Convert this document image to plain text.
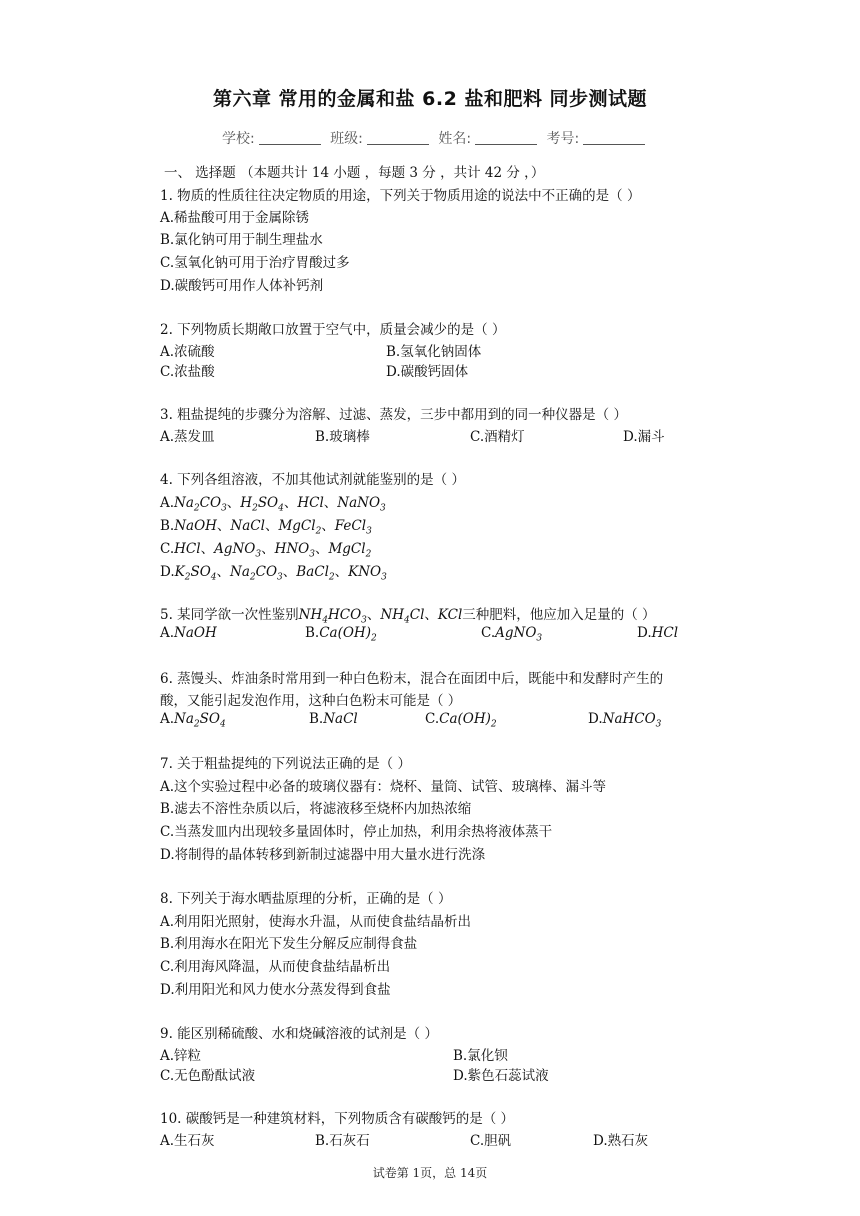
第六章 常用的金属和盐 6.2 盐和肥料 同步测试题
学校:	班级:	姓名:	考号:
一、 选择题 （本题共计 14 小题 ，每题 3 分 ，共计 42 分 ，）
1. 物质的性质往往决定物质的用途，下列关于物质用途的说法中不正确的是（ ）
A.稀盐酸可用于金属除锈
B.氯化钠可用于制生理盐水
C.氢氧化钠可用于治疗胃酸过多
D.碳酸钙可用作人体补钙剂
2. 下列物质长期敞口放置于空气中，质量会减少的是（ ）
A.浓硫酸	B.氢氧化钠固体
C.浓盐酸	D.碳酸钙固体
3. 粗盐提纯的步骤分为溶解、过滤、蒸发，三步中都用到的同一种仪器是（ ）
A.蒸发皿	B.玻璃棒	C.酒精灯	D.漏斗
4. 下列各组溶液，不加其他试剂就能鉴别的是（ ）
$A.Na_2CO_3$、$H_2SO_4$、HCl、NaNO$_3$
B.NaOH、NaCl、MgCl$_2$、FeCl$_3$
C.HCl、AgNO$_3$、$HNO_3$、MgCl$_2$
$D.K_2SO_4$、$Na_2CO_3$、BaCl$_2$、$KNO_3$
5. 某同学欲一次性鉴别$NH_4HCO_3$、$NH_4Cl$、KCl三种肥料，他应加入足量的（ ）
A.NaOH	$B.Ca(OH)_2$	C.AgNO$_3$	D.HCl
6. 蒸馒头、炸油条时常用到一种白色粉末，混合在面团中后，既能中和发酵时产生的
酸，又能引起发泡作用，这种白色粉末可能是（ ）
$A.Na_2SO_4$	B.NaCl	$C.Ca(OH)_2$	D.NaHCO$_3$
7. 关于粗盐提纯的下列说法正确的是（ ）
A.这个实验过程中必备的玻璃仪器有：烧杯、量筒、试管、玻璃棒、漏斗等
B.滤去不溶性杂质以后，将滤液移至烧杯内加热浓缩
C.当蒸发皿内出现较多量固体时，停止加热，利用余热将液体蒸干
D.将制得的晶体转移到新制过滤器中用大量水进行洗涤
8. 下列关于海水晒盐原理的分析，正确的是（ ）
A.利用阳光照射，使海水升温，从而使食盐结晶析出
B.利用海水在阳光下发生分解反应制得食盐
C.利用海风降温，从而使食盐结晶析出
D.利用阳光和风力使水分蒸发得到食盐
9. 能区别稀硫酸、水和烧碱溶液的试剂是（ ）
A.锌粒	B.氯化钡
C.无色酚酞试液	D.紫色石蕊试液
10. 碳酸钙是一种建筑材料，下列物质含有碳酸钙的是（ ）
A.生石灰	B.石灰石	C.胆矾	D.熟石灰
试卷第 1页，总 14页
